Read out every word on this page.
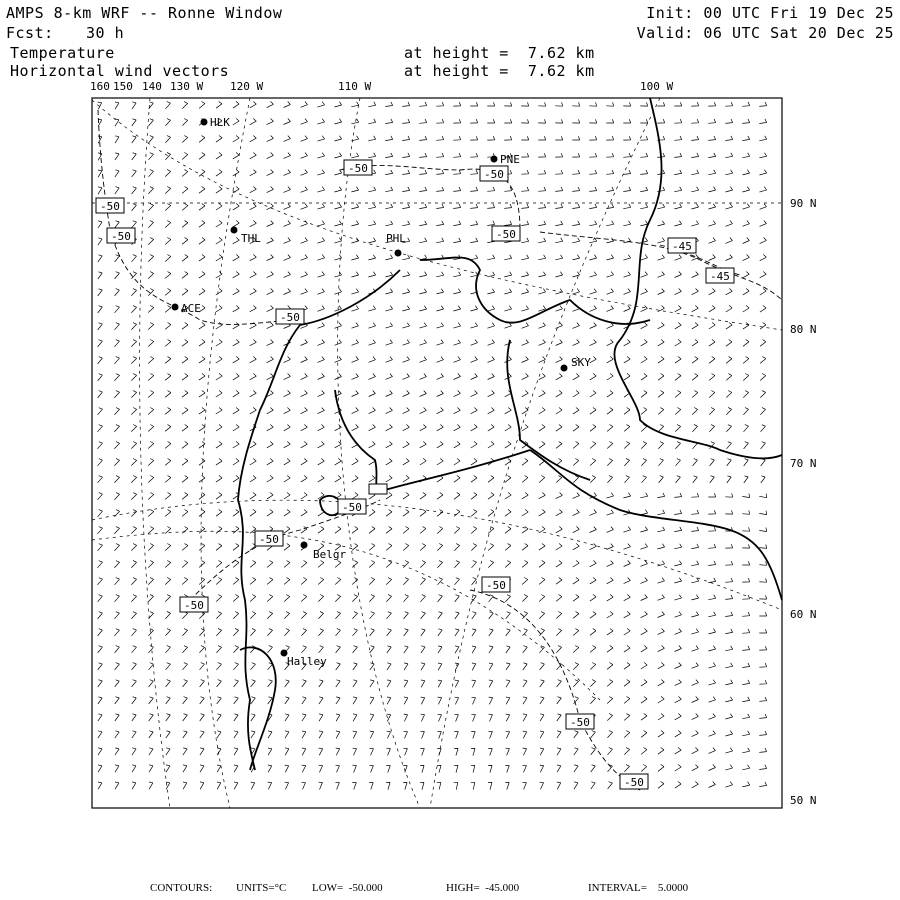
AMPS 8-km WRF -- Ronne Window
Fcst: 30 h
Init: 00 UTC Fri 19 Dec 25
Valid: 06 UTC Sat 20 Dec 25
Temperature
Horizontal wind vectors
at height =  7.62 km
at height =  7.62 km
HLK
PNE
THL	PHL
ACE
SKY
Belgr
Halley
-50
-50
-50	-50
-50
-50
-45
-45
-50
-50
-50
-50
-50
-50
160 150 140 130 W 120 W	110 W	100 W
90 N
80 N
70 N
60 N
50 N
CONTOURS: UNITS=°C LOW=  -50.000	HIGH=  -45.000	INTERVAL=    5.0000
